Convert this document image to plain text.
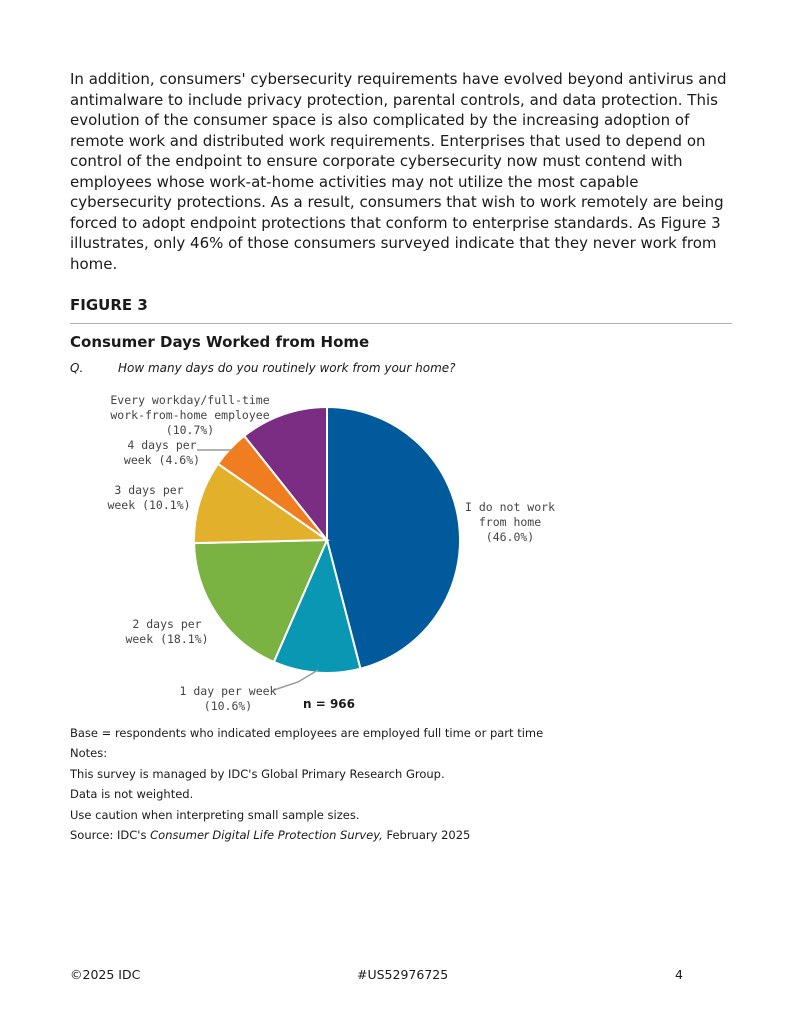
In addition, consumers' cybersecurity requirements have evolved beyond antivirus and antimalware to include privacy protection, parental controls, and data protection. This evolution of the consumer space is also complicated by the increasing adoption of remote work and distributed work requirements. Enterprises that used to depend on control of the endpoint to ensure corporate cybersecurity now must contend with employees whose work-at-home activities may not utilize the most capable cybersecurity protections. As a result, consumers that wish to work remotely are being forced to adopt endpoint protections that conform to enterprise standards. As Figure 3 illustrates, only 46% of those consumers surveyed indicate that they never work from home.

FIGURE 3

Consumer Days Worked from Home

Q.	How many days do you routinely work from your home?

I do not work from home (46.0%)
1 day per week (10.6%)
2 days per week (18.1%)
3 days per week (10.1%)
4 days per week (4.6%)
Every workday/full-time work-from-home employee (10.7%)

n = 966

Base = respondents who indicated employees are employed full time or part time
Notes:
This survey is managed by IDC's Global Primary Research Group.
Data is not weighted.
Use caution when interpreting small sample sizes.
Source: IDC's Consumer Digital Life Protection Survey, February 2025

©2025 IDC	#US52976725	4
